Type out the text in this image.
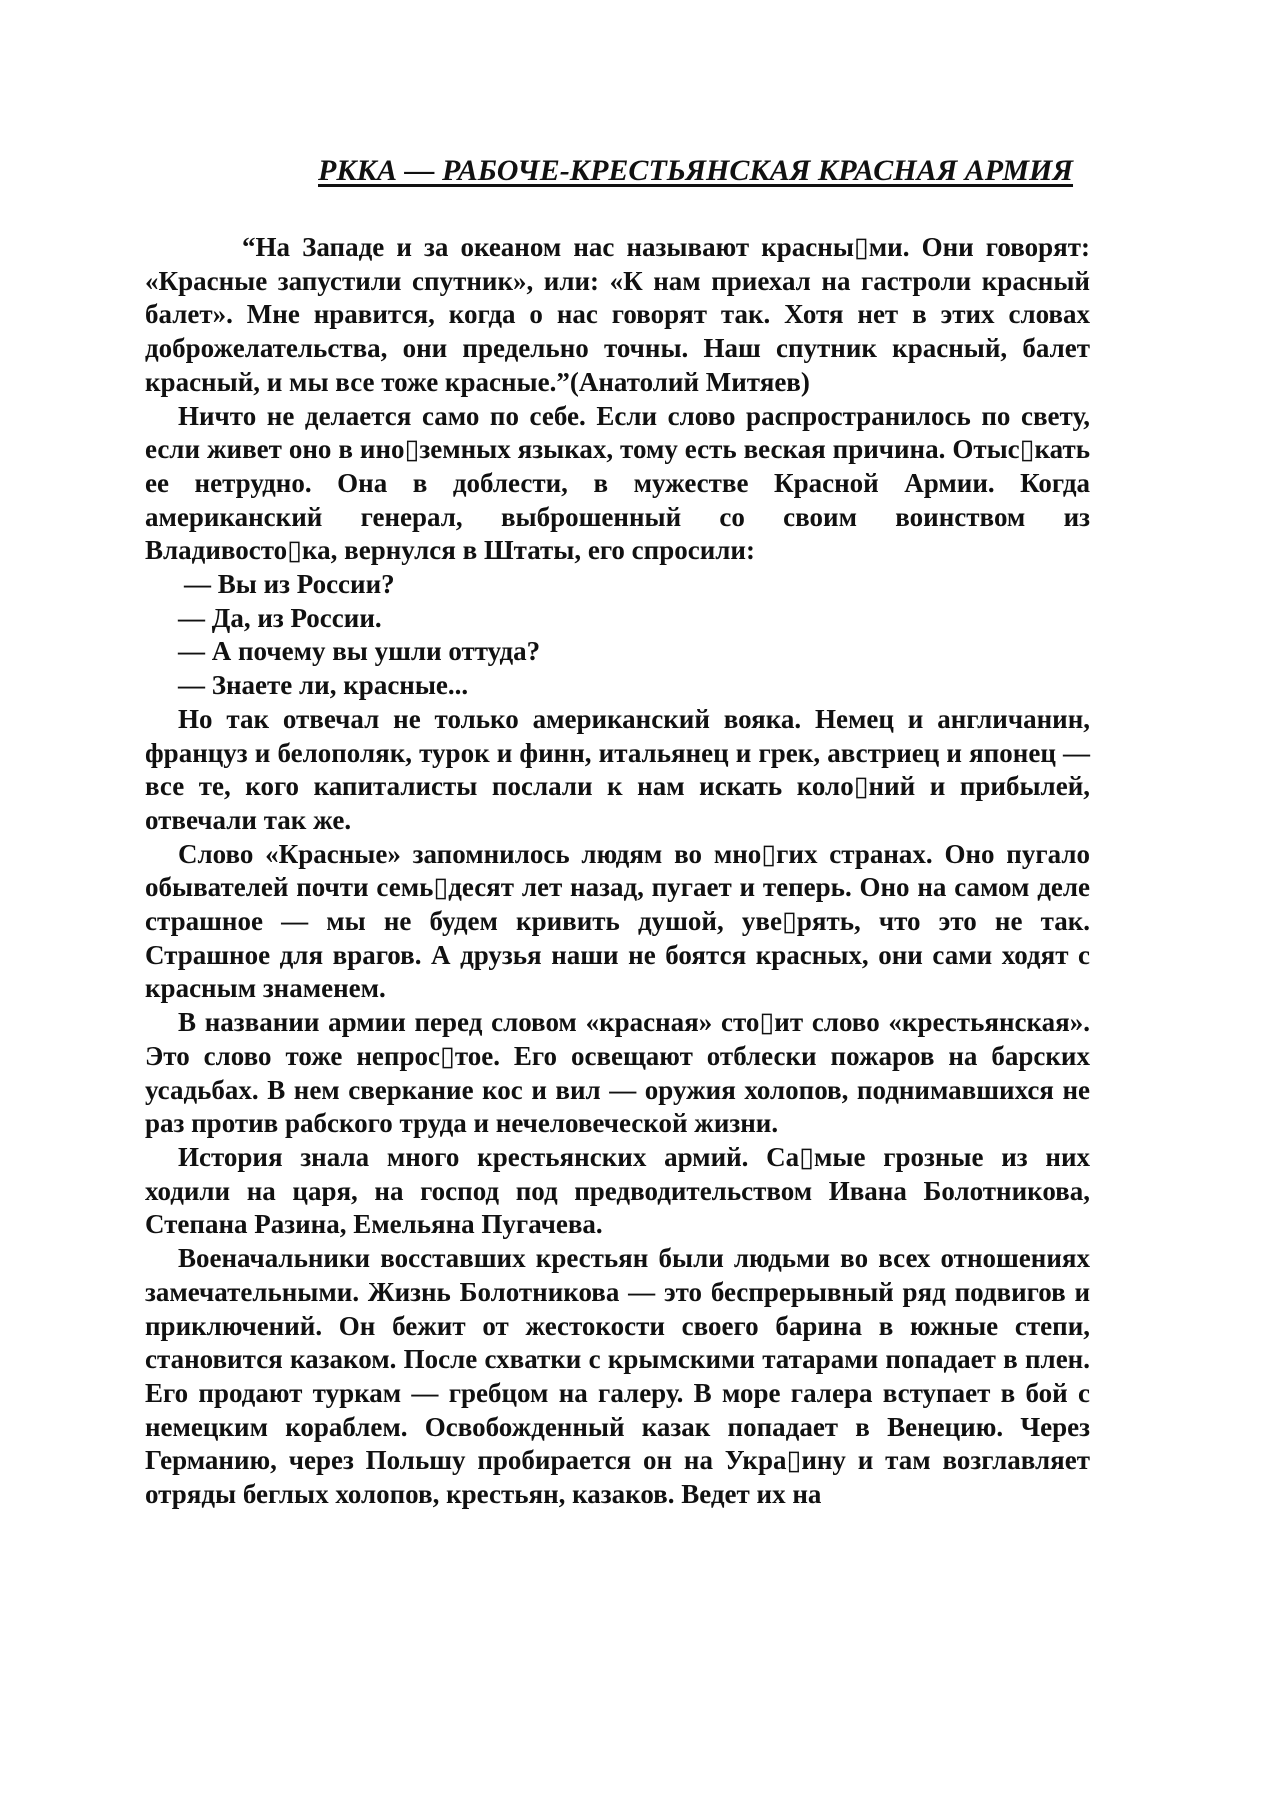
РККА — РАБОЧЕ-КРЕСТЬЯНСКАЯ КРАСНАЯ АРМИЯ

“На Западе и за океаном нас называют красны▯ми. Они говорят: «Красные запустили спутник», или: «К нам приехал на гастроли красный балет». Мне нравится, когда о нас говорят так. Хотя нет в этих словах доброжелательства, они предельно точны. Наш спутник красный, балет красный, и мы все тоже красные.”(Анатолий Митяев)

Ничто не делается само по себе. Если слово распространилось по свету, если живет оно в ино▯земных языках, тому есть веская причина. Отыс▯кать ее нетрудно. Она в доблести, в мужестве Красной Армии. Когда американский генерал, выброшенный со своим воинством из Владивосто▯ка, вернулся в Штаты, его спросили:

— Вы из России?

— Да, из России.

— А почему вы ушли оттуда?

— Знаете ли, красные...

Но так отвечал не только американский вояка. Немец и англичанин, француз и белополяк, турок и финн, итальянец и грек, австриец и японец — все те, кого капиталисты послали к нам искать коло▯ний и прибылей, отвечали так же.

Слово «Красные» запомнилось людям во мно▯гих странах. Оно пугало обывателей почти семь▯десят лет назад, пугает и теперь. Оно на самом деле страшное — мы не будем кривить душой, уве▯рять, что это не так. Страшное для врагов. А друзья наши не боятся красных, они сами ходят с красным знаменем.

В названии армии перед словом «красная» сто▯ит слово «крестьянская». Это слово тоже непрос▯тое. Его освещают отблески пожаров на барских усадьбах. В нем сверкание кос и вил — оружия холопов, поднимавшихся не раз против рабского труда и нечеловеческой жизни.

История знала много крестьянских армий. Са▯мые грозные из них ходили на царя, на господ под предводительством Ивана Болотникова, Степана Разина, Емельяна Пугачева.

Военачальники восставших крестьян были людьми во всех отношениях замечательными. Жизнь Болотникова — это беспрерывный ряд подвигов и приключений. Он бежит от жестокости своего барина в южные степи, становится казаком. После схватки с крымскими татарами попадает в плен. Его продают туркам — гребцом на галеру. В море галера вступает в бой с немецким кораблем. Освобожденный казак попадает в Венецию. Через Германию, через Польшу пробирается он на Укра▯ину и там возглавляет отряды беглых холопов, крестьян, казаков. Ведет их на
